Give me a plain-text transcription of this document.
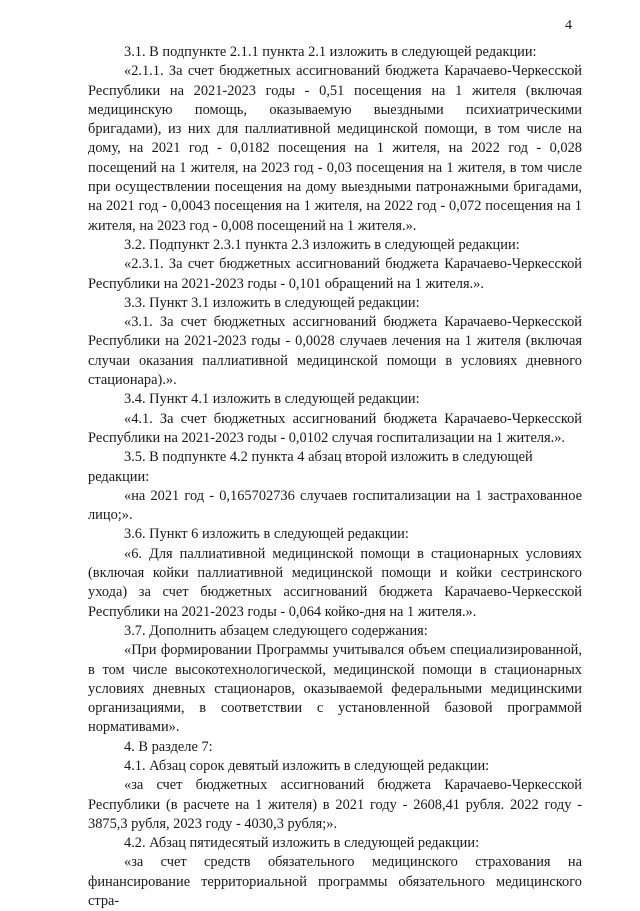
4

3.1. В подпункте 2.1.1 пункта 2.1 изложить в следующей редакции:

«2.1.1. За счет бюджетных ассигнований бюджета Карачаево-Черкесской Республики на 2021-2023 годы - 0,51 посещения на 1 жителя (включая медицинскую помощь, оказываемую выездными психиатрическими бригадами), из них для паллиативной медицинской помощи, в том числе на дому, на 2021 год - 0,0182 посещения на 1 жителя, на 2022 год - 0,028 посещений на 1 жителя, на 2023 год - 0,03 посещения на 1 жителя, в том числе при осуществлении посещения на дому выездными патронажными бригадами, на 2021 год - 0,0043 посещения на 1 жителя, на 2022 год - 0,072 посещения на 1 жителя, на 2023 год - 0,008 посещений на 1 жителя.».

3.2. Подпункт 2.3.1 пункта 2.3 изложить в следующей редакции:

«2.3.1. За счет бюджетных ассигнований бюджета Карачаево-Черкесской Республики на 2021-2023 годы - 0,101 обращений на 1 жителя.».

3.3. Пункт 3.1 изложить в следующей редакции:

«3.1. За счет бюджетных ассигнований бюджета Карачаево-Черкесской Республики на 2021-2023 годы - 0,0028 случаев лечения на 1 жителя (включая случаи оказания паллиативной медицинской помощи в условиях дневного стационара).».

3.4. Пункт 4.1 изложить в следующей редакции:

«4.1. За счет бюджетных ассигнований бюджета Карачаево-Черкесской Республики на 2021-2023 годы - 0,0102 случая госпитализации на 1 жителя.».

3.5. В подпункте 4.2 пункта 4 абзац второй изложить в следующей редакции:

«на 2021 год - 0,165702736 случаев госпитализации на 1 застрахованное лицо;».

3.6. Пункт 6 изложить в следующей редакции:

«6. Для паллиативной медицинской помощи в стационарных условиях (включая койки паллиативной медицинской помощи и койки сестринского ухода) за счет бюджетных ассигнований бюджета Карачаево-Черкесской Республики на 2021-2023 годы - 0,064 койко-дня на 1 жителя.».

3.7. Дополнить абзацем следующего содержания:

«При формировании Программы учитывался объем специализированной, в том числе высокотехнологической, медицинской помощи в стационарных условиях дневных стационаров, оказываемой федеральными медицинскими организациями, в соответствии с установленной базовой программой нормативами».

4. В разделе 7:

4.1. Абзац сорок девятый изложить в следующей редакции:

«за счет бюджетных ассигнований бюджета Карачаево-Черкесской Республики (в расчете на 1 жителя) в 2021 году - 2608,41 рубля. 2022 году - 3875,3 рубля, 2023 году - 4030,3 рубля;».

4.2. Абзац пятидесятый изложить в следующей редакции:

«за счет средств обязательного медицинского страхования на финансирование территориальной программы обязательного медицинского стра-
